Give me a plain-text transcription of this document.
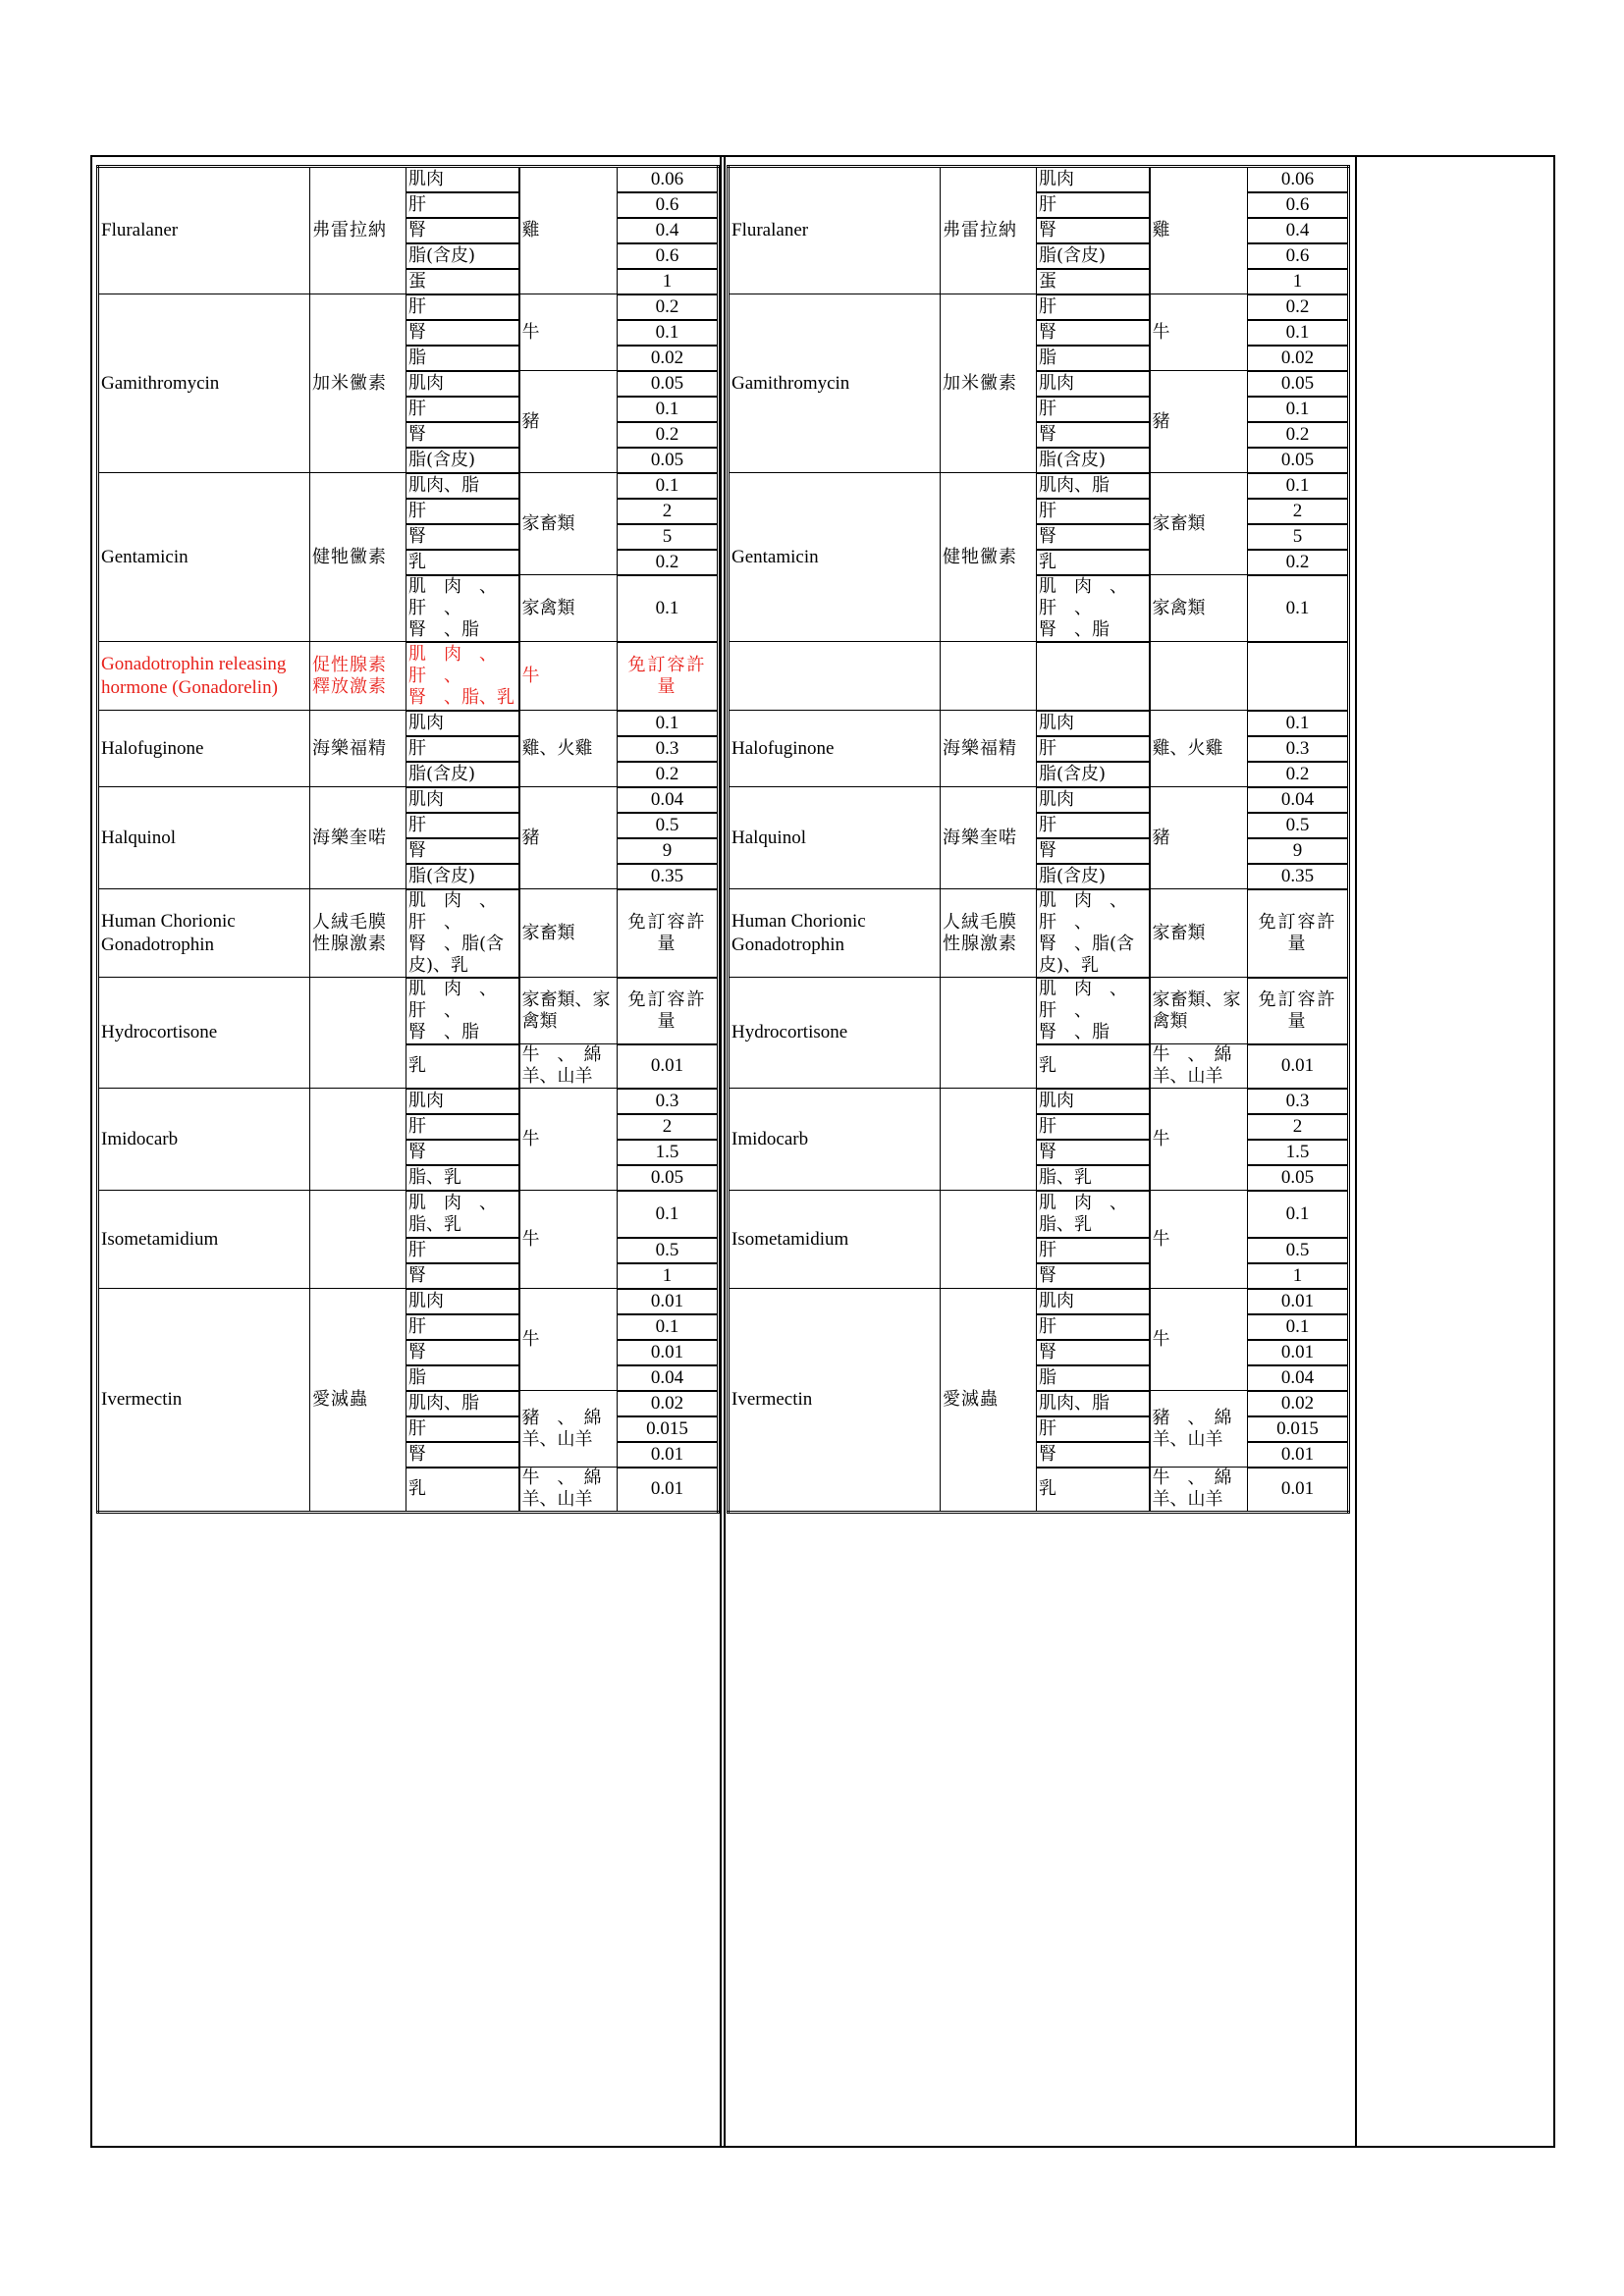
Fluralaner	弗雷拉納	肌肉	雞	0.06
		肝		0.6
		腎		0.4
		脂(含皮)		0.6
		蛋		1
Gamithromycin	加米黴素	肝	牛	0.2
		腎		0.1
		脂		0.02
		肌肉	豬	0.05
		肝		0.1
		腎		0.2
		脂(含皮)		0.05
Gentamicin	健牠黴素	肌肉、脂	家畜類	0.1
		肝		2
		腎		5
		乳		0.2
		肌　肉　、肝　、　腎　、脂	家禽類	0.1
Gonadotrophin releasing hormone (Gonadorelin)	促性腺素釋放激素	肌　肉　、肝　、　腎　、脂、乳	牛	免訂容許量
Halofuginone	海樂福精	肌肉	雞、火雞	0.1
		肝		0.3
		脂(含皮)		0.2
Halquinol	海樂奎喏	肌肉	豬	0.04
		肝		0.5
		腎		9
		脂(含皮)		0.35
Human Chorionic Gonadotrophin	人絨毛膜性腺激素	肌　肉　、肝　、　腎　、脂(含皮)、乳	家畜類	免訂容許量
Hydrocortisone		肌　肉　、肝　、　腎　、脂	家畜類、家禽類	免訂容許量
		乳	牛　、　綿羊、山羊	0.01
Imidocarb		肌肉	牛	0.3
		肝		2
		腎		1.5
		脂、乳		0.05
Isometamidium		肌　肉　、脂、乳	牛	0.1
		肝		0.5
		腎		1
Ivermectin	愛滅蟲	肌肉	牛	0.01
		肝		0.1
		腎		0.01
		脂		0.04
		肌肉、脂	豬　、　綿羊、山羊	0.02
		肝		0.015
		腎		0.01
		乳	牛　、　綿羊、山羊	0.01
Fluralaner	弗雷拉納	肌肉	雞	0.06
		肝		0.6
		腎		0.4
		脂(含皮)		0.6
		蛋		1
Gamithromycin	加米黴素	肝	牛	0.2
		腎		0.1
		脂		0.02
		肌肉	豬	0.05
		肝		0.1
		腎		0.2
		脂(含皮)		0.05
Gentamicin	健牠黴素	肌肉、脂	家畜類	0.1
		肝		2
		腎		5
		乳		0.2
		肌　肉　、肝　、　腎　、脂	家禽類	0.1

Halofuginone	海樂福精	肌肉	雞、火雞	0.1
		肝		0.3
		脂(含皮)		0.2
Halquinol	海樂奎喏	肌肉	豬	0.04
		肝		0.5
		腎		9
		脂(含皮)		0.35
Human Chorionic Gonadotrophin	人絨毛膜性腺激素	肌　肉　、肝　、　腎　、脂(含皮)、乳	家畜類	免訂容許量
Hydrocortisone		肌　肉　、肝　、　腎　、脂	家畜類、家禽類	免訂容許量
		乳	牛　、　綿羊、山羊	0.01
Imidocarb		肌肉	牛	0.3
		肝		2
		腎		1.5
		脂、乳		0.05
Isometamidium		肌　肉　、脂、乳	牛	0.1
		肝		0.5
		腎		1
Ivermectin	愛滅蟲	肌肉	牛	0.01
		肝		0.1
		腎		0.01
		脂		0.04
		肌肉、脂	豬　、　綿羊、山羊	0.02
		肝		0.015
		腎		0.01
		乳	牛　、　綿羊、山羊	0.01
